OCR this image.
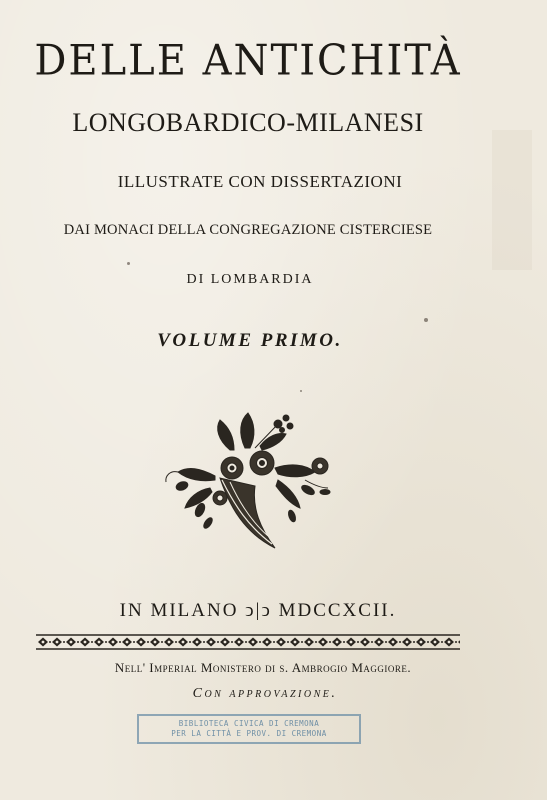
DELLE ANTICHITÀ
LONGOBARDICO-MILANESI
ILLUSTRATE CON DISSERTAZIONI
DAI MONACI DELLA CONGREGAZIONE CISTERCIESE
DI LOMBARDIA
VOLUME PRIMO.
IN MILANO ͻ|ͻ MDCCXCII.
Nell' Imperial Monistero di s. Ambrogio Maggiore.
Con approvazione.
BIBLIOTECA CIVICA DI CREMONA
PER LA CITTÀ E PROV. DI CREMONA
